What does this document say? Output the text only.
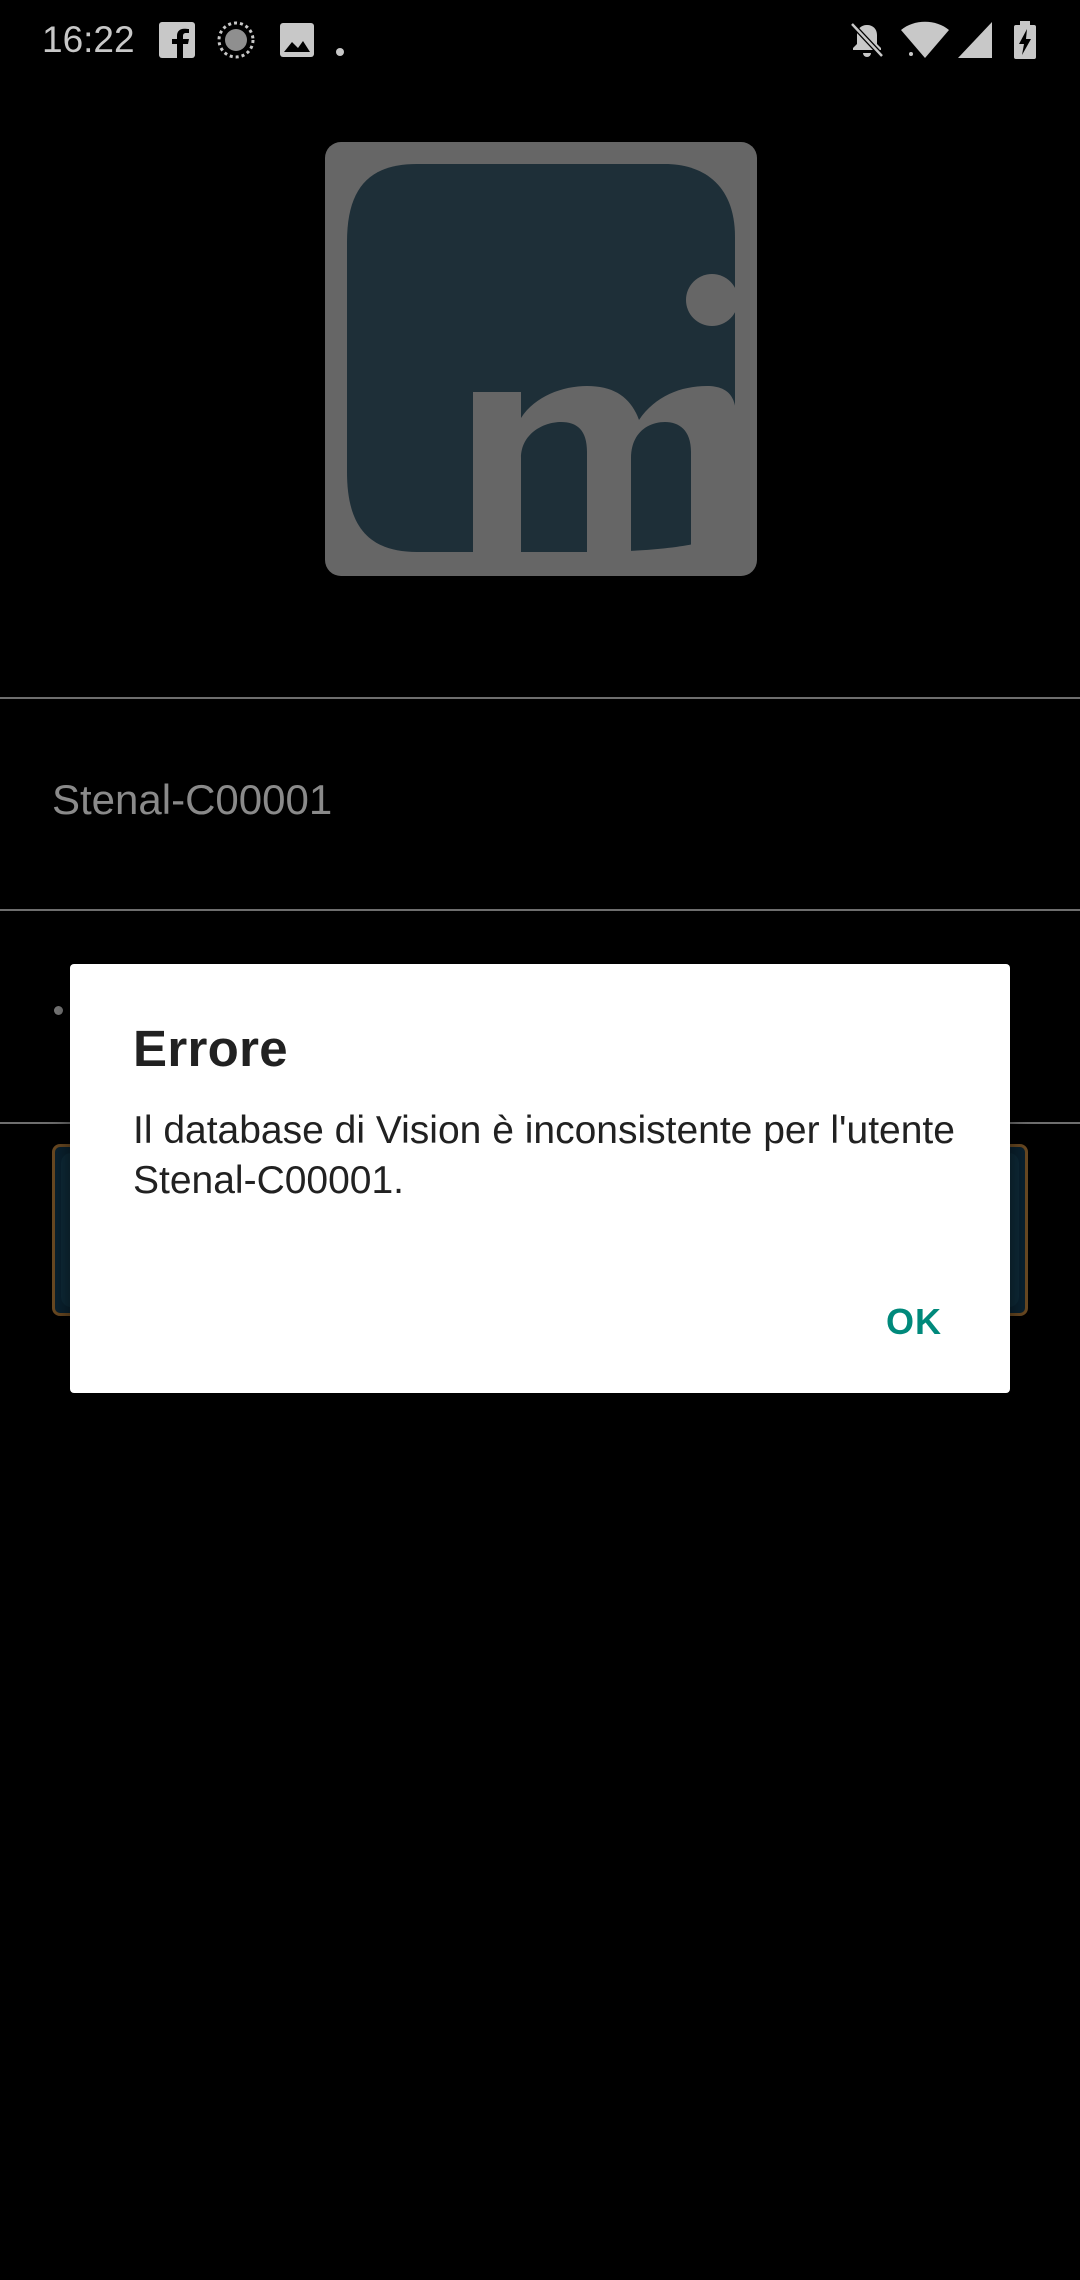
16:22
Stenal-C00001
Errore
Il database di Vision è inconsistente per l'utente Stenal-C00001.
OK
